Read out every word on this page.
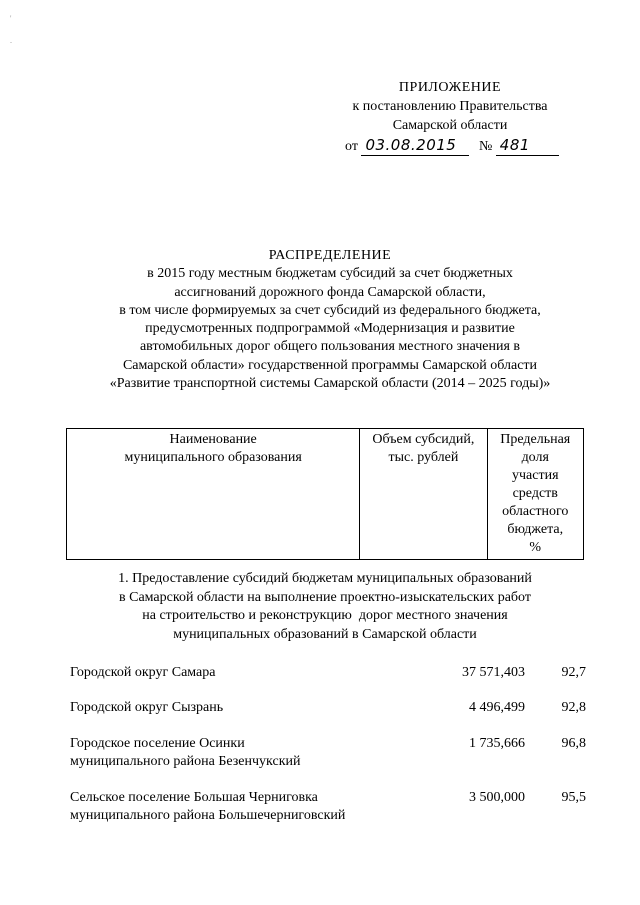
'
.
ПРИЛОЖЕНИЕ
к постановлению Правительства
Самарской области
от 03.08.2015 № 481
РАСПРЕДЕЛЕНИЕ
в 2015 году местным бюджетам субсидий за счет бюджетных
ассигнований дорожного фонда Самарской области,
в том числе формируемых за счет субсидий из федерального бюджета,
предусмотренных подпрограммой «Модернизация и развитие
автомобильных дорог общего пользования местного значения в
Самарской области» государственной программы Самарской области
«Развитие транспортной системы Самарской области (2014 – 2025 годы)»
Наименование
муниципального образования

Объем субсидий,
тыс. рублей

Предельная
доля
участия
средств
областного
бюджета,
%
1. Предоставление субсидий бюджетам муниципальных образований
в Самарской области на выполнение проектно-изыскательских работ
на строительство и реконструкцию  дорог местного значения
муниципальных образований в Самарской области
Городской округ Самара	37 571,403	92,7
Городской округ Сызрань	4 496,499	92,8
Городское поселение Осинки
муниципального района Безенчукский
1 735,666	96,8
Сельское поселение Большая Черниговка
муниципального района Большечерниговский
3 500,000	95,5
